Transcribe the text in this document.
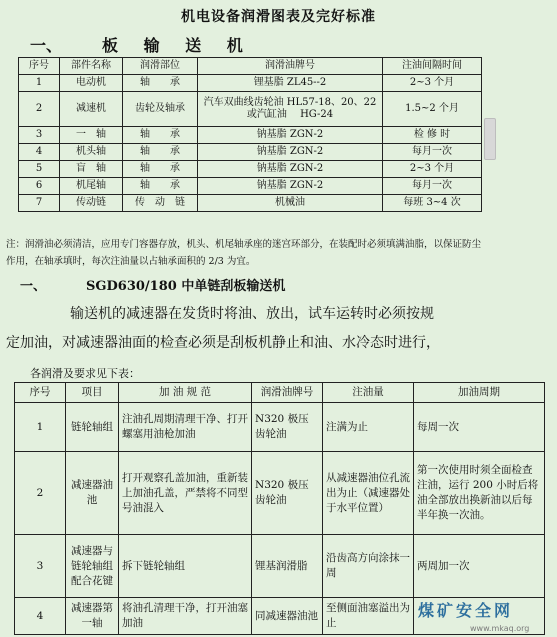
机电设备润滑图表及完好标准
一、	板 输 送 机
序号	部件名称	润滑部位	润滑油牌号	注油间隔时间
1	电动机	轴　　承	锂基脂 ZL45--2	2~3 个月
2	减速机	齿轮及轴承	汽车双曲线齿轮油 HL57-18、20、22 或汽缸油　 HG-24	1.5~2 个月
3	一　轴	轴　　承	钠基脂 ZGN-2	检 修 时
4	机头轴	轴　　承	钠基脂 ZGN-2	每月一次
5	盲　轴	轴　　承	钠基脂 ZGN-2	2~3 个月
6	机尾轴	轴　　承	钠基脂 ZGN-2	每月一次
7	传动链	传　动　链	机械油	每班 3~4 次
注：润滑油必须清洁，应用专门容器存放，机头、机尾轴承座的迷宫环部分，在装配时必须填满油脂，以保证防尘作用，在轴承填时，每次注油量以占轴承面积的 2/3 为宜。
一、	SGD630/180 中单链刮板输送机
输送机的减速器在发货时将油、放出，试车运转时必须按规
定加油，对减速器油面的检查必须是刮板机静止和油、水冷态时进行，
各润滑及要求见下表：
序号	项目	加 油 规 范	润滑油牌号	注油量	加油周期
1	链轮轴组	注油孔周期清理干净、打开螺塞用油枪加油	N320 极压齿轮油	注满为止	每周一次
2	减速器油池	打开观察孔盖加油，重新装上加油孔盖，严禁将不同型号油混入	N320 极压齿轮油	从减速器油位孔流出为止（减速器处于水平位置）	第一次使用时须全面检查注油，运行 200 小时后将油全部放出换新油以后每半年换一次油。
3	减速器与链轮轴组配合花键	拆下链轮轴组	锂基润滑脂	沿齿高方向涂抹一周	两周加一次
4	减速器第一轴	将油孔清理干净，打开油塞加油	同减速器油池	至侧面油塞溢出为止	
煤矿安全网
www.mkaq.org
